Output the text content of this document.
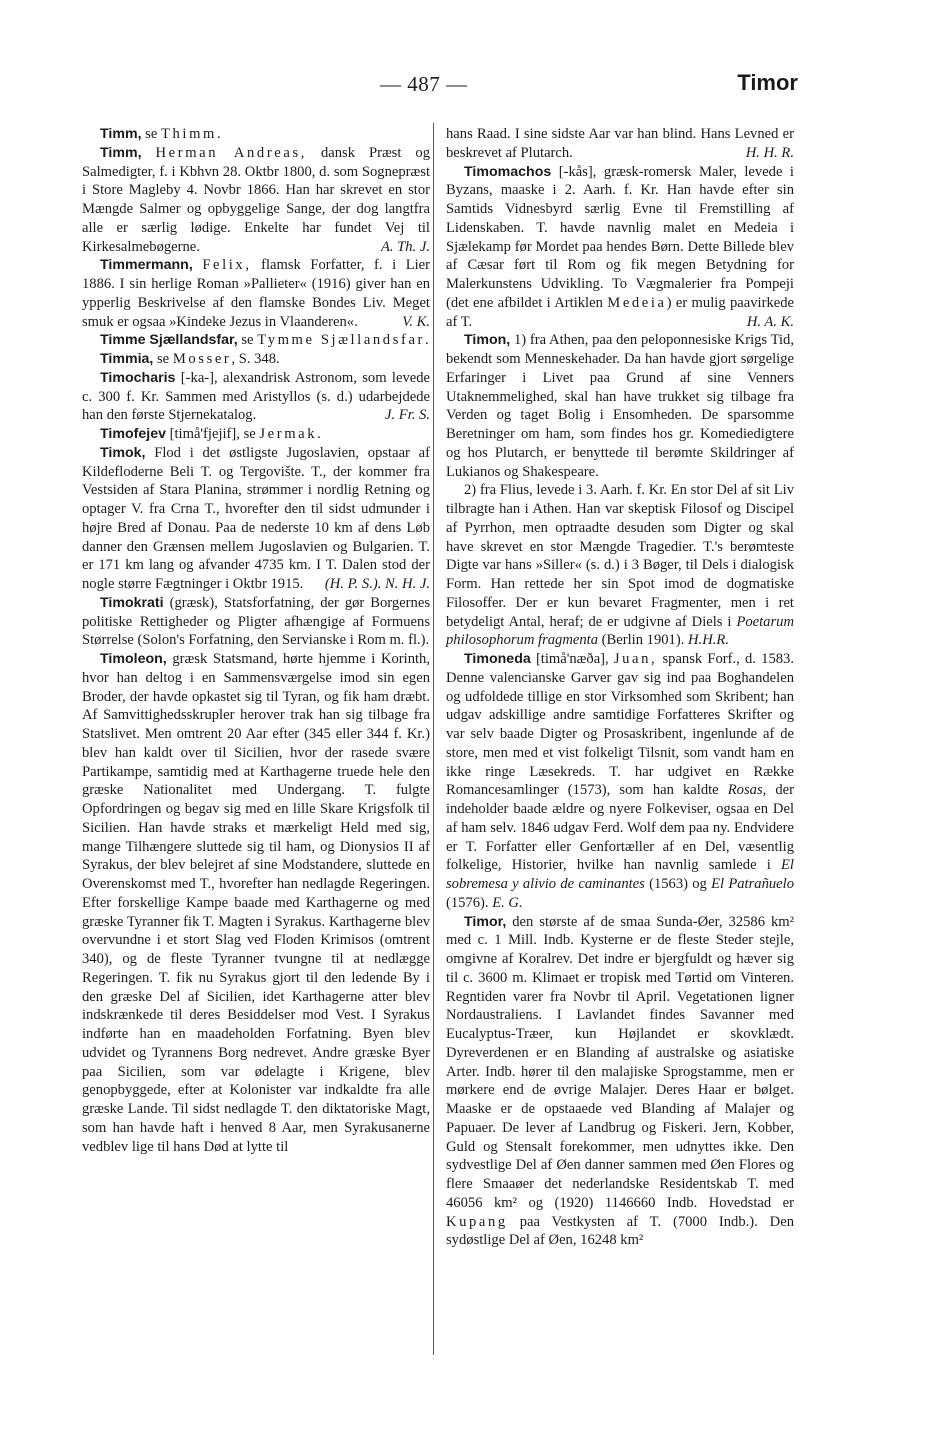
— 487 —	Timor

Timm, se Thimm.

Timm, Herman Andreas, dansk Præst og Salmedigter, f. i Kbhvn 28. Oktbr 1800, d. som Sognepræst i Store Magleby 4. Novbr 1866. Han har skrevet en stor Mængde Salmer og opbyggelige Sange, der dog langtfra alle er særlig lødige. Enkelte har fundet Vej til Kirkesalmebøgerne.	A. Th. J.

Timmermann, Felix, flamsk Forfatter, f. i Lier 1886. I sin herlige Roman »Pallieter« (1916) giver han en ypperlig Beskrivelse af den flamske Bondes Liv. Meget smuk er ogsaa »Kindeke Jezus in Vlaanderen«.	V. K.

Timme Sjællandsfar, se Tymme Sjællandsfar.

Timmia, se Mosser, S. 348.

Timocharis [-ka-], alexandrisk Astronom, som levede c. 300 f. Kr. Sammen med Aristyllos (s. d.) udarbejdede han den første Stjernekatalog.	J. Fr. S.

Timofejev [timå'fjejif], se Jermak.

Timok, Flod i det østligste Jugoslavien, opstaar af Kildefloderne Beli T. og Tergovište. T., der kommer fra Vestsiden af Stara Planina, strømmer i nordlig Retning og optager V. fra Crna T., hvorefter den til sidst udmunder i højre Bred af Donau. Paa de nederste 10 km af dens Løb danner den Grænsen mellem Jugoslavien og Bulgarien. T. er 171 km lang og afvander 4735 km. I T. Dalen stod der nogle større Fægtninger i Oktbr 1915.	(H. P. S.). N. H. J.

Timokrati (græsk), Statsforfatning, der gør Borgernes politiske Rettigheder og Pligter afhængige af Formuens Størrelse (Solon's Forfatning, den Servianske i Rom m. fl.).

Timoleon, græsk Statsmand, hørte hjemme i Korinth, hvor han deltog i en Sammensværgelse imod sin egen Broder, der havde opkastet sig til Tyran, og fik ham dræbt. Af Samvittighedsskrupler herover trak han sig tilbage fra Statslivet. Men omtrent 20 Aar efter (345 eller 344 f. Kr.) blev han kaldt over til Sicilien, hvor der rasede svære Partikampe, samtidig med at Karthagerne truede hele den græske Nationalitet med Undergang. T. fulgte Opfordringen og begav sig med en lille Skare Krigsfolk til Sicilien. Han havde straks et mærkeligt Held med sig, mange Tilhængere sluttede sig til ham, og Dionysios II af Syrakus, der blev belejret af sine Modstandere, sluttede en Overenskomst med T., hvorefter han nedlagde Regeringen. Efter forskellige Kampe baade med Karthagerne og med græske Tyranner fik T. Magten i Syrakus. Karthagerne blev overvundne i et stort Slag ved Floden Krimisos (omtrent 340), og de fleste Tyranner tvungne til at nedlægge Regeringen. T. fik nu Syrakus gjort til den ledende By i den græske Del af Sicilien, idet Karthagerne atter blev indskrænkede til deres Besiddelser mod Vest. I Syrakus indførte han en maadeholden Forfatning. Byen blev udvidet og Tyrannens Borg nedrevet. Andre græske Byer paa Sicilien, som var ødelagte i Krigene, blev genopbyggede, efter at Kolonister var indkaldte fra alle græske Lande. Til sidst nedlagde T. den diktatoriske Magt, som han havde haft i henved 8 Aar, men Syrakusanerne vedblev lige til hans Død at lytte til

hans Raad. I sine sidste Aar var han blind. Hans Levned er beskrevet af Plutarch.	H. H. R.

Timomachos [-kås], græsk-romersk Maler, levede i Byzans, maaske i 2. Aarh. f. Kr. Han havde efter sin Samtids Vidnesbyrd særlig Evne til Fremstilling af Lidenskaben. T. havde navnlig malet en Medeia i Sjælekamp før Mordet paa hendes Børn. Dette Billede blev af Cæsar ført til Rom og fik megen Betydning for Malerkunstens Udvikling. To Vægmalerier fra Pompeji (det ene afbildet i Artiklen Medeia) er mulig paavirkede af T.	H. A. K.

Timon, 1) fra Athen, paa den peloponnesiske Krigs Tid, bekendt som Menneskehader. Da han havde gjort sørgelige Erfaringer i Livet paa Grund af sine Venners Utaknemmelighed, skal han have trukket sig tilbage fra Verden og taget Bolig i Ensomheden. De sparsomme Beretninger om ham, som findes hos gr. Komediedigtere og hos Plutarch, er benyttede til berømte Skildringer af Lukianos og Shakespeare.

2) fra Flius, levede i 3. Aarh. f. Kr. En stor Del af sit Liv tilbragte han i Athen. Han var skeptisk Filosof og Discipel af Pyrrhon, men optraadte desuden som Digter og skal have skrevet en stor Mængde Tragedier. T.'s berømteste Digte var hans »Siller« (s. d.) i 3 Bøger, til Dels i dialogisk Form. Han rettede her sin Spot imod de dogmatiske Filosoffer. Der er kun bevaret Fragmenter, men i ret betydeligt Antal, heraf; de er udgivne af Diels i Poetarum philosophorum fragmenta (Berlin 1901). H.H.R.

Timoneda [timå'næða], Juan, spansk Forf., d. 1583. Denne valencianske Garver gav sig ind paa Boghandelen og udfoldede tillige en stor Virksomhed som Skribent; han udgav adskillige andre samtidige Forfatteres Skrifter og var selv baade Digter og Prosaskribent, ingenlunde af de store, men med et vist folkeligt Tilsnit, som vandt ham en ikke ringe Læsekreds. T. har udgivet en Række Romancesamlinger (1573), som han kaldte Rosas, der indeholder baade ældre og nyere Folkeviser, ogsaa en Del af ham selv. 1846 udgav Ferd. Wolf dem paa ny. Endvidere er T. Forfatter eller Genfortæller af en Del, væsentlig folkelige, Historier, hvilke han navnlig samlede i El sobremesa y alivio de caminantes (1563) og El Patrañuelo (1576). E. G.

Timor, den største af de smaa Sunda-Øer, 32586 km² med c. 1 Mill. Indb. Kysterne er de fleste Steder stejle, omgivne af Koralrev. Det indre er bjergfuldt og hæver sig til c. 3600 m. Klimaet er tropisk med Tørtid om Vinteren. Regntiden varer fra Novbr til April. Vegetationen ligner Nordaustraliens. I Lavlandet findes Savanner med Eucalyptus-Træer, kun Højlandet er skovklædt. Dyreverdenen er en Blanding af australske og asiatiske Arter. Indb. hører til den malajiske Sprogstamme, men er mørkere end de øvrige Malajer. Deres Haar er bølget. Maaske er de opstaaede ved Blanding af Malajer og Papuaer. De lever af Landbrug og Fiskeri. Jern, Kobber, Guld og Stensalt forekommer, men udnyttes ikke. Den sydvestlige Del af Øen danner sammen med Øen Flores og flere Smaaøer det nederlandske Residentskab T. med 46056 km² og (1920) 1146660 Indb. Hovedstad er Kupang paa Vestkysten af T. (7000 Indb.). Den sydøstlige Del af Øen, 16248 km²
